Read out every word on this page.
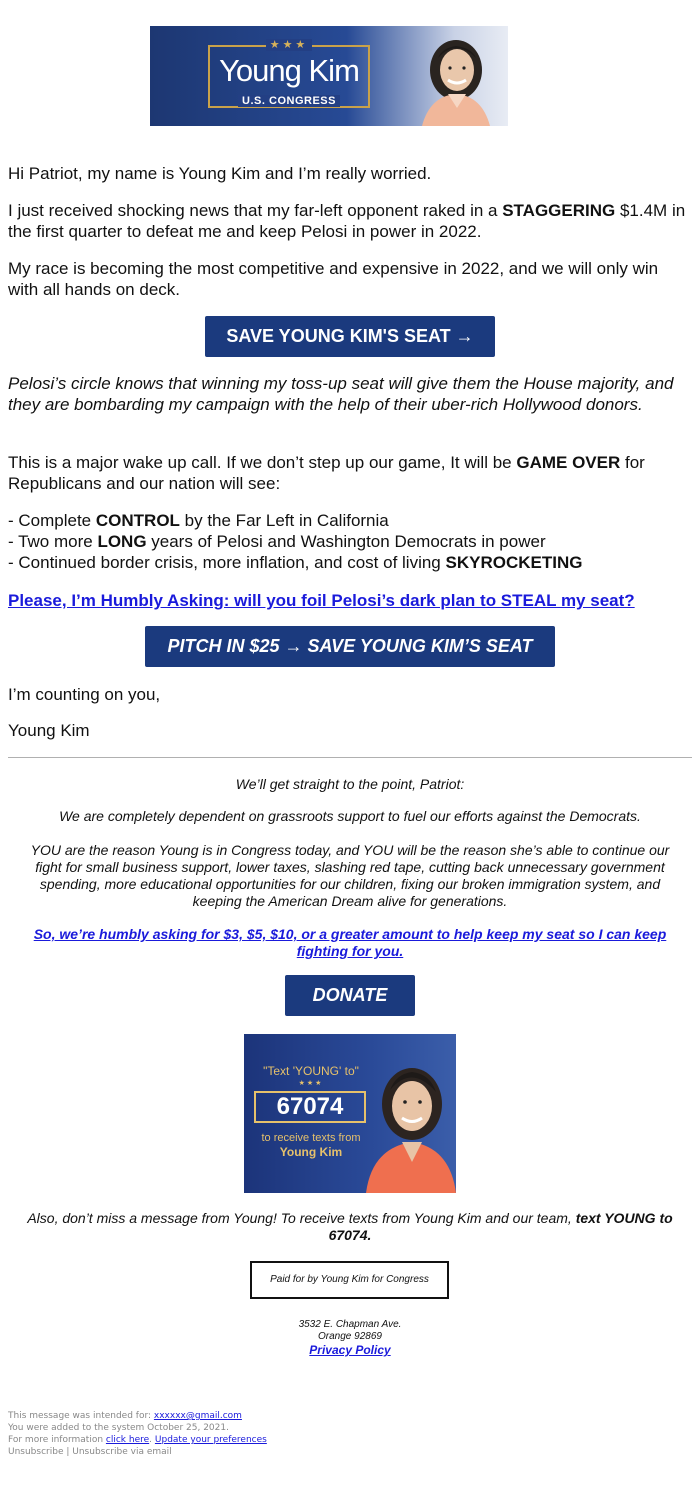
★★★
Young Kim
U.S. CONGRESS

Hi Patriot, my name is Young Kim and I’m really worried.

I just received shocking news that my far-left opponent raked in a STAGGERING $1.4M in the first quarter to defeat me and keep Pelosi in power in 2022.

My race is becoming the most competitive and expensive in 2022, and we will only win with all hands on deck.

SAVE YOUNG KIM'S SEAT →

Pelosi’s circle knows that winning my toss-up seat will give them the House majority, and they are bombarding my campaign with the help of their uber-rich Hollywood donors.

This is a major wake up call. If we don’t step up our game, It will be GAME OVER for Republicans and our nation will see:

- Complete CONTROL by the Far Left in California
- Two more LONG years of Pelosi and Washington Democrats in power
- Continued border crisis, more inflation, and cost of living SKYROCKETING

Please, I’m Humbly Asking: will you foil Pelosi’s dark plan to STEAL my seat?

PITCH IN $25 → SAVE YOUNG KIM’S SEAT

I’m counting on you,

Young Kim

We’ll get straight to the point, Patriot:

We are completely dependent on grassroots support to fuel our efforts against the Democrats.

YOU are the reason Young is in Congress today, and YOU will be the reason she’s able to continue our fight for small business support, lower taxes, slashing red tape, cutting back unnecessary government spending, more educational opportunities for our children, fixing our broken immigration system, and keeping the American Dream alive for generations.

So, we’re humbly asking for $3, $5, $10, or a greater amount to help keep my seat so I can keep fighting for you.

DONATE
"Text 'YOUNG' to"
★★★
67074
to receive texts from
Young Kim

Also, don’t miss a message from Young! To receive texts from Young Kim and our team, text YOUNG to 67074.

Paid for by Young Kim for Congress
3532 E. Chapman Ave.
Orange 92869
Privacy Policy
This message was intended for: xxxxxx@gmail.com
You were added to the system October 25, 2021.
For more information click here. Update your preferences
Unsubscribe | Unsubscribe via email
